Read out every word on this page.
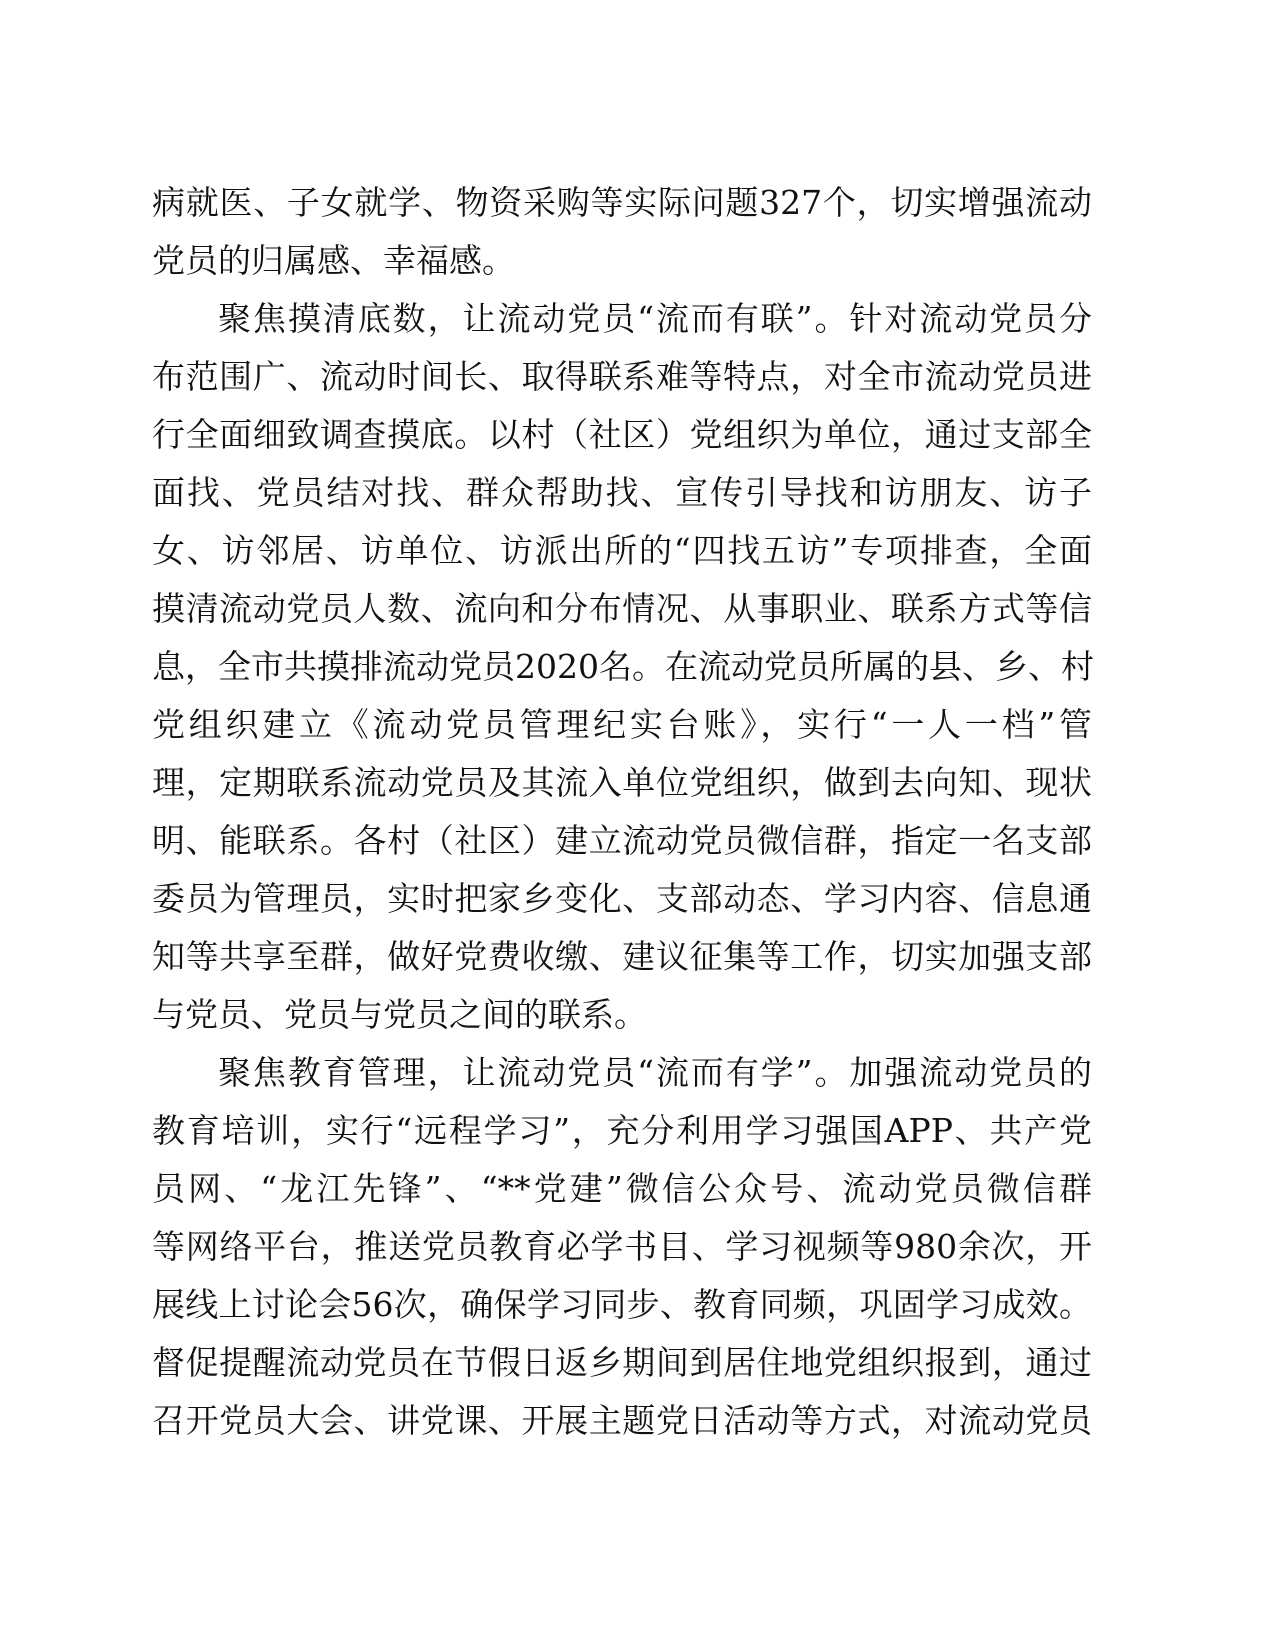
病就医、子女就学、物资采购等实际问题327个，切实增强流动
党员的归属感、幸福感。
聚焦摸清底数，让流动党员“流而有联”。针对流动党员分
布范围广、流动时间长、取得联系难等特点，对全市流动党员进
行全面细致调查摸底。以村（社区）党组织为单位，通过支部全
面找、党员结对找、群众帮助找、宣传引导找和访朋友、访子
女、访邻居、访单位、访派出所的“四找五访”专项排查，全面
摸清流动党员人数、流向和分布情况、从事职业、联系方式等信
息，全市共摸排流动党员2020名。在流动党员所属的县、乡、村
党组织建立《流动党员管理纪实台账》，实行“一人一档”管
理，定期联系流动党员及其流入单位党组织，做到去向知、现状
明、能联系。各村（社区）建立流动党员微信群，指定一名支部
委员为管理员，实时把家乡变化、支部动态、学习内容、信息通
知等共享至群，做好党费收缴、建议征集等工作，切实加强支部
与党员、党员与党员之间的联系。
聚焦教育管理，让流动党员“流而有学”。加强流动党员的
教育培训，实行“远程学习”，充分利用学习强国APP、共产党
员网、“龙江先锋”、“**党建”微信公众号、流动党员微信群
等网络平台，推送党员教育必学书目、学习视频等980余次，开
展线上讨论会56次，确保学习同步、教育同频，巩固学习成效。
督促提醒流动党员在节假日返乡期间到居住地党组织报到，通过
召开党员大会、讲党课、开展主题党日活动等方式，对流动党员
